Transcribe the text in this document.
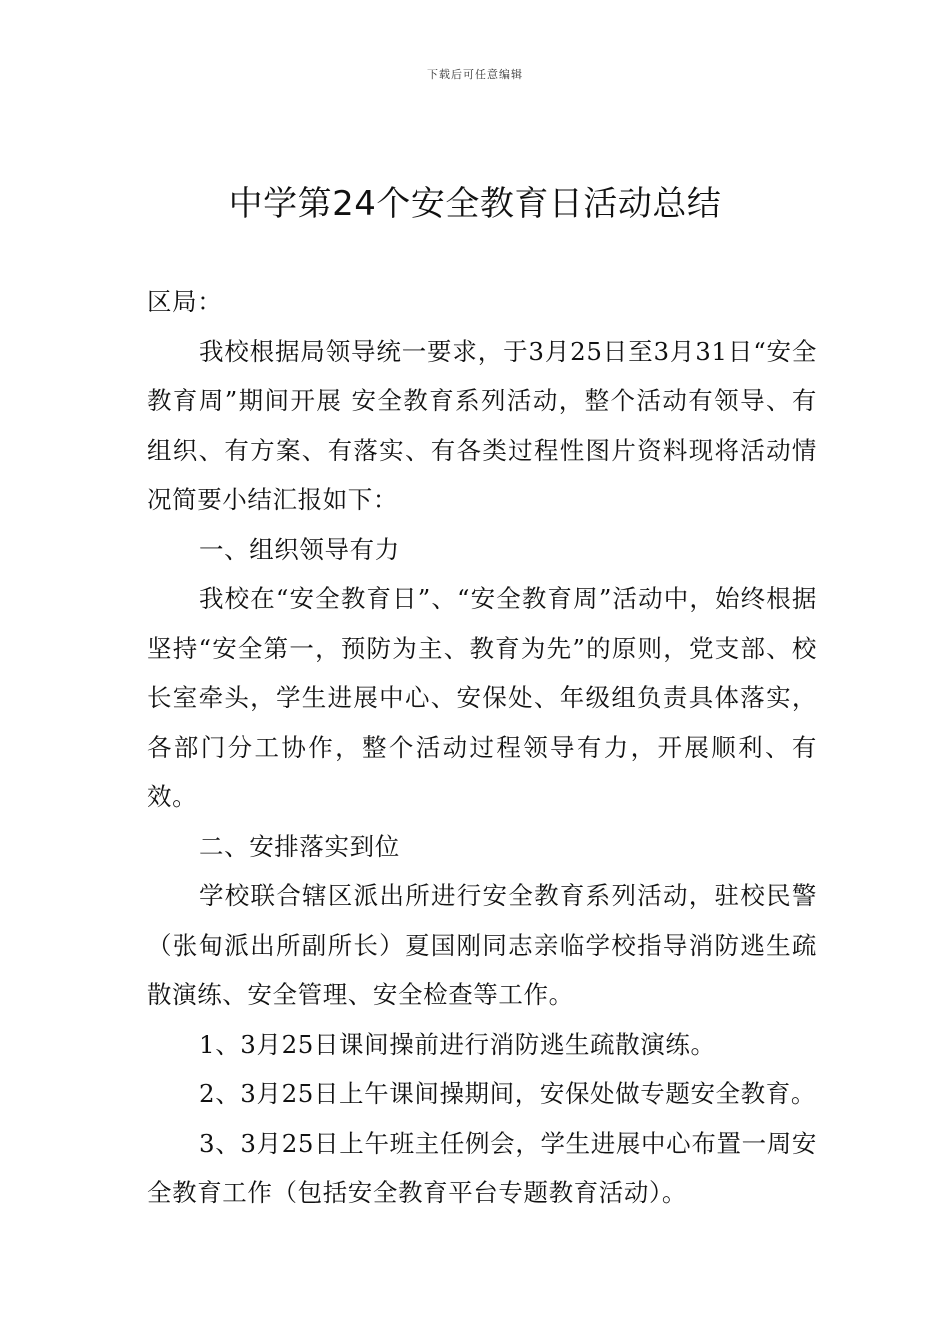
下载后可任意编辑
中学第24个安全教育日活动总结

区局：

我校根据局领导统一要求，于3月25日至3月31日“安全教育周”期间开展 安全教育系列活动，整个活动有领导、有组织、有方案、有落实、有各类过程性图片资料现将活动情况简要小结汇报如下：

一、组织领导有力

我校在“安全教育日”、“安全教育周”活动中，始终根据坚持“安全第一，预防为主、教育为先”的原则，党支部、校长室牵头，学生进展中心、安保处、年级组负责具体落实，各部门分工协作，整个活动过程领导有力，开展顺利、有效。

二、安排落实到位

学校联合辖区派出所进行安全教育系列活动，驻校民警（张甸派出所副所长）夏国刚同志亲临学校指导消防逃生疏散演练、安全管理、安全检查等工作。

1、3月25日课间操前进行消防逃生疏散演练。

2、3月25日上午课间操期间，安保处做专题安全教育。

3、3月25日上午班主任例会，学生进展中心布置一周安全教育工作（包括安全教育平台专题教育活动）。
